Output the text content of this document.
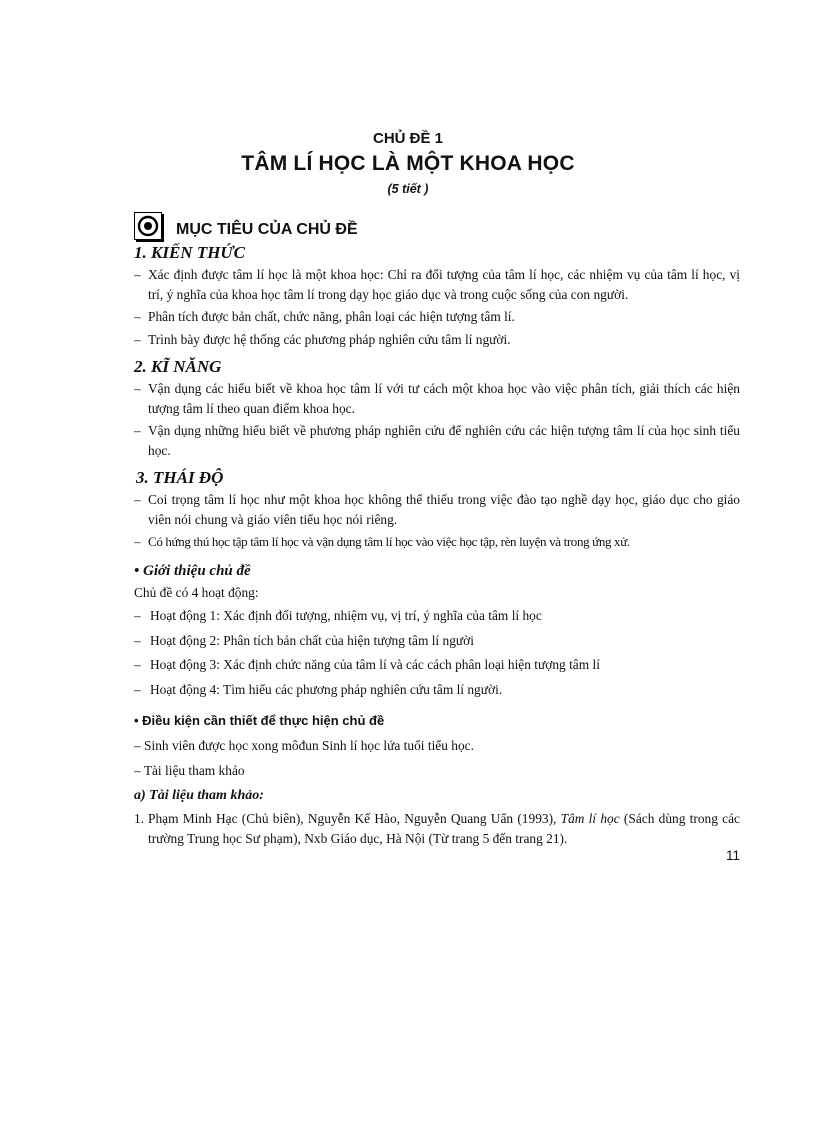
CHỦ ĐỀ 1
TÂM LÍ HỌC LÀ MỘT KHOA HỌC
(5 tiết )
MỤC TIÊU CỦA CHỦ ĐỀ

1. KIẾN THỨC

– Xác định được tâm lí học là một khoa học: Chỉ ra đối tượng của tâm lí học, các nhiệm vụ của tâm lí học, vị trí, ý nghĩa của khoa học tâm lí trong dạy học giáo dục và trong cuộc sống của con người.
– Phân tích được bản chất, chức năng, phân loại các hiện tượng tâm lí.
– Trình bày được hệ thống các phương pháp nghiên cứu tâm lí người.

2. KĨ NĂNG

– Vận dụng các hiểu biết về khoa học tâm lí với tư cách một khoa học vào việc phân tích, giải thích các hiện tượng tâm lí theo quan điểm khoa học.
– Vận dụng những hiểu biết về phương pháp nghiên cứu để nghiên cứu các hiện tượng tâm lí của học sinh tiểu học.

3. THÁI ĐỘ

– Coi trọng tâm lí học như một khoa học không thể thiếu trong việc đào tạo nghề dạy học, giáo dục cho giáo viên nói chung và giáo viên tiểu học nói riêng.
– Có hứng thú học tập tâm lí học và vận dụng tâm lí học vào việc học tập, rèn luyện và trong ứng xử.

• Giới thiệu chủ đề

Chủ đề có 4 hoạt động:

– Hoạt động 1: Xác định đối tượng, nhiệm vụ, vị trí, ý nghĩa của tâm lí học
– Hoạt động 2: Phân tích bản chất của hiện tượng tâm lí người
– Hoạt động 3: Xác định chức năng của tâm lí và các cách phân loại hiện tượng tâm lí
– Hoạt động 4: Tìm hiểu các phương pháp nghiên cứu tâm lí người.

• Điều kiện cần thiết để thực hiện chủ đề

– Sinh viên được học xong môđun Sinh lí học lứa tuổi tiểu học.
– Tài liệu tham khảo

a) Tài liệu tham khảo:

1. Phạm Minh Hạc (Chủ biên), Nguyễn Kế Hào, Nguyễn Quang Uẩn (1993), Tâm lí học (Sách dùng trong các trường Trung học Sư phạm), Nxb Giáo dục, Hà Nội (Từ trang 5 đến trang 21).
11
